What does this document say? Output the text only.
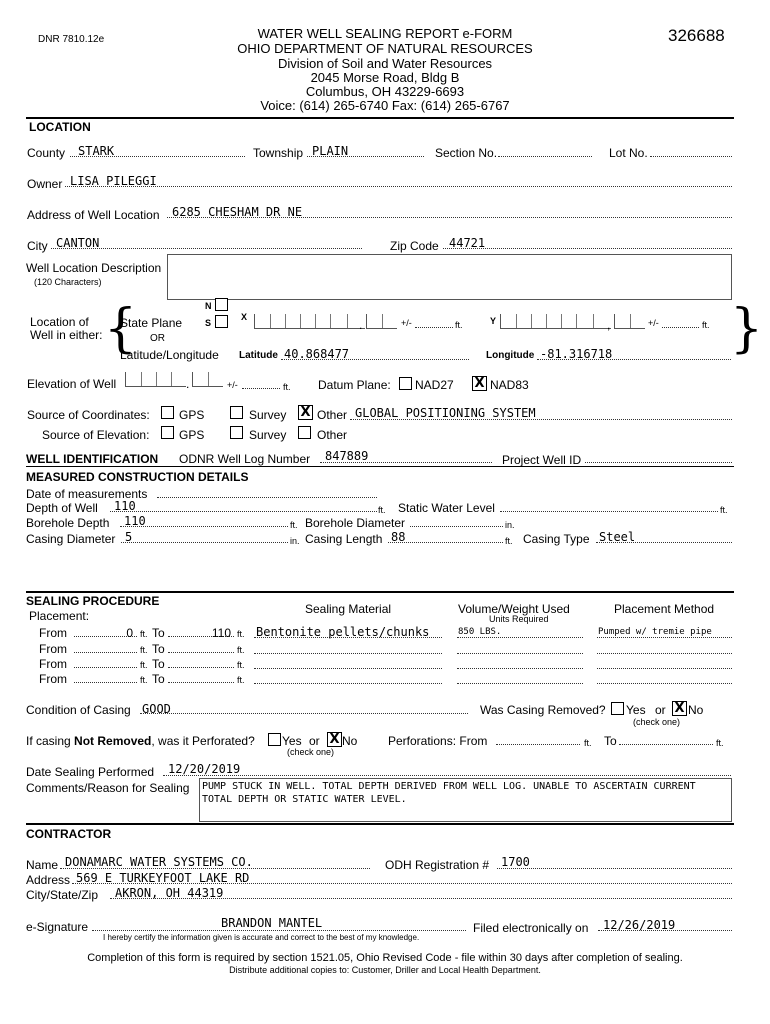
DNR 7810.12e	326688
WATER WELL SEALING REPORT e-FORM
OHIO DEPARTMENT OF NATURAL RESOURCES
Division of Soil and Water Resources
2045 Morse Road, Bldg B
Columbus, OH 43229-6693
Voice: (614) 265-6740 Fax: (614) 265-6767
LOCATION
County STARK	Township PLAIN	Section No.	Lot No.
Owner LISA PILEGGI
Address of Well Location 6285 CHESHAM DR NE
City CANTON	Zip Code 44721
Well Location Description
(120 Characters)
Location of
Well in either: {
State Plane
OR
Latitude/Longitude
N
S
X
.	+/-	ft.	Y	,	+/-	ft. }
Latitude 40.868477	Longitude -81.316718
Elevation of Well	.	+/-	ft. Datum Plane: NAD27 X NAD83
Source of Coordinates: GPS	Survey X Other GLOBAL POSITIONING SYSTEM
Source of Elevation: GPS	Survey	Other
WELL IDENTIFICATION ODNR Well Log Number 847889	Project Well ID
MEASURED CONSTRUCTION DETAILS
Date of measurements
Depth of Well 110	ft. Static Water Level	ft.
Borehole Depth 110	ft. Borehole Diameter	in.
Casing Diameter 5	in. Casing Length 88	ft. Casing Type Steel
SEALING PROCEDURE
Placement:	Sealing Material	Volume/Weight Used
Units Required
Placement Method
From	0 ft. To	110 ft. Bentonite pellets/chunks	850 LBS.	Pumped w/ tremie pipe
From	ft. To	ft.
From	ft. To	ft.
From	ft. To	ft.
Condition of Casing GOOD	Was Casing Removed? Yes or X No
(check one)
If casing Not Removed, was it Perforated? Yes or X No
(check one)
Perforations: From	ft. To	ft.
Date Sealing Performed 12/20/2019
Comments/Reason for Sealing PUMP STUCK IN WELL. TOTAL DEPTH DERIVED FROM WELL LOG. UNABLE TO ASCERTAIN CURRENT TOTAL DEPTH OR STATIC WATER LEVEL.
CONTRACTOR
Name DONAMARC WATER SYSTEMS CO.	ODH Registration # 1700
Address 569 E TURKEYFOOT LAKE RD
City/State/Zip AKRON, OH 44319
e-Signature	BRANDON MANTEL
I hereby certify the information given is accurate and correct to the best of my knowledge.
Filed electronically on 12/26/2019
Completion of this form is required by section 1521.05, Ohio Revised Code - file within 30 days after completion of sealing.
Distribute additional copies to: Customer, Driller and Local Health Department.
